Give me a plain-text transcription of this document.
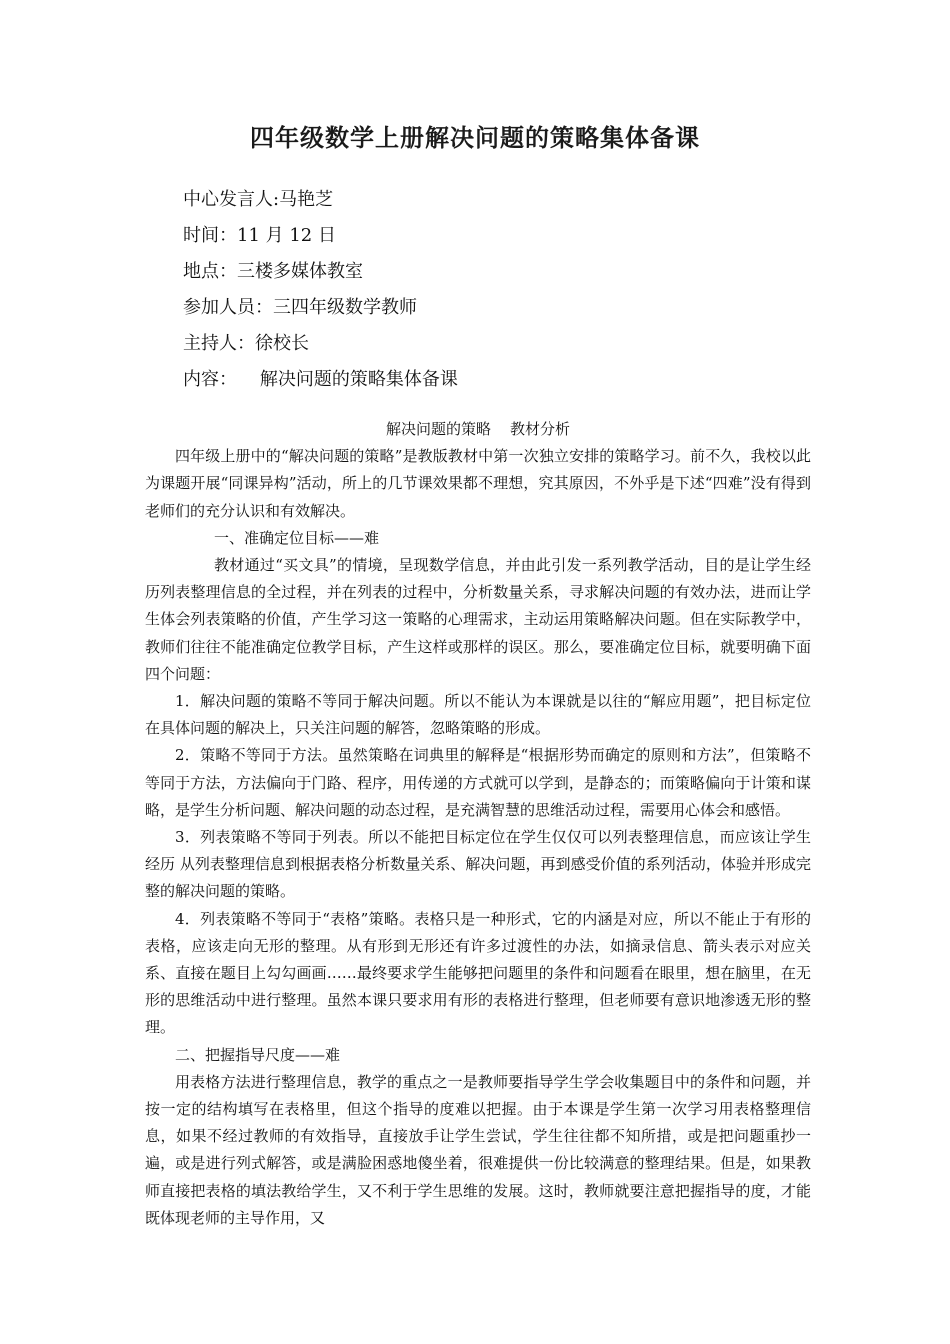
四年级数学上册解决问题的策略集体备课
中心发言人:马艳芝
时间：11 月 12 日
地点：三楼多媒体教室
参加人员：三四年级数学教师
主持人：徐校长
内容：    解决问题的策略集体备课
解决问题的策略    教材分析

四年级上册中的“解决问题的策略”是教版教材中第一次独立安排的策略学习。前不久，我校以此为课题开展“同课异构”活动，所上的几节课效果都不理想，究其原因，不外乎是下述“四难”没有得到老师们的充分认识和有效解决。

一、准确定位目标——难

教材通过“买文具”的情境，呈现数学信息，并由此引发一系列教学活动，目的是让学生经历列表整理信息的全过程，并在列表的过程中，分析数量关系，寻求解决问题的有效办法，进而让学生体会列表策略的价值，产生学习这一策略的心理需求，主动运用策略解决问题。但在实际教学中，教师们往往不能准确定位教学目标，产生这样或那样的误区。那么，要准确定位目标，就要明确下面四个问题：

1．解决问题的策略不等同于解决问题。所以不能认为本课就是以往的“解应用题”，把目标定位在具体问题的解决上，只关注问题的解答，忽略策略的形成。

2．策略不等同于方法。虽然策略在词典里的解释是“根据形势而确定的原则和方法”，但策略不等同于方法，方法偏向于门路、程序，用传递的方式就可以学到，是静态的；而策略偏向于计策和谋略，是学生分析问题、解决问题的动态过程，是充满智慧的思维活动过程，需要用心体会和感悟。

3．列表策略不等同于列表。所以不能把目标定位在学生仅仅可以列表整理信息，而应该让学生经历 从列表整理信息到根据表格分析数量关系、解决问题，再到感受价值的系列活动，体验并形成完整的解决问题的策略。

4．列表策略不等同于“表格”策略。表格只是一种形式，它的内涵是对应，所以不能止于有形的表格，应该走向无形的整理。从有形到无形还有许多过渡性的办法，如摘录信息、箭头表示对应关系、直接在题目上勾勾画画……最终要求学生能够把问题里的条件和问题看在眼里，想在脑里，在无形的思维活动中进行整理。虽然本课只要求用有形的表格进行整理，但老师要有意识地渗透无形的整理。

二、把握指导尺度——难

用表格方法进行整理信息，教学的重点之一是教师要指导学生学会收集题目中的条件和问题，并按一定的结构填写在表格里，但这个指导的度难以把握。由于本课是学生第一次学习用表格整理信息，如果不经过教师的有效指导，直接放手让学生尝试，学生往往都不知所措，或是把问题重抄一遍，或是进行列式解答，或是满脸困惑地傻坐着，很难提供一份比较满意的整理结果。但是，如果教师直接把表格的填法教给学生，又不利于学生思维的发展。这时，教师就要注意把握指导的度，才能既体现老师的主导作用，又
